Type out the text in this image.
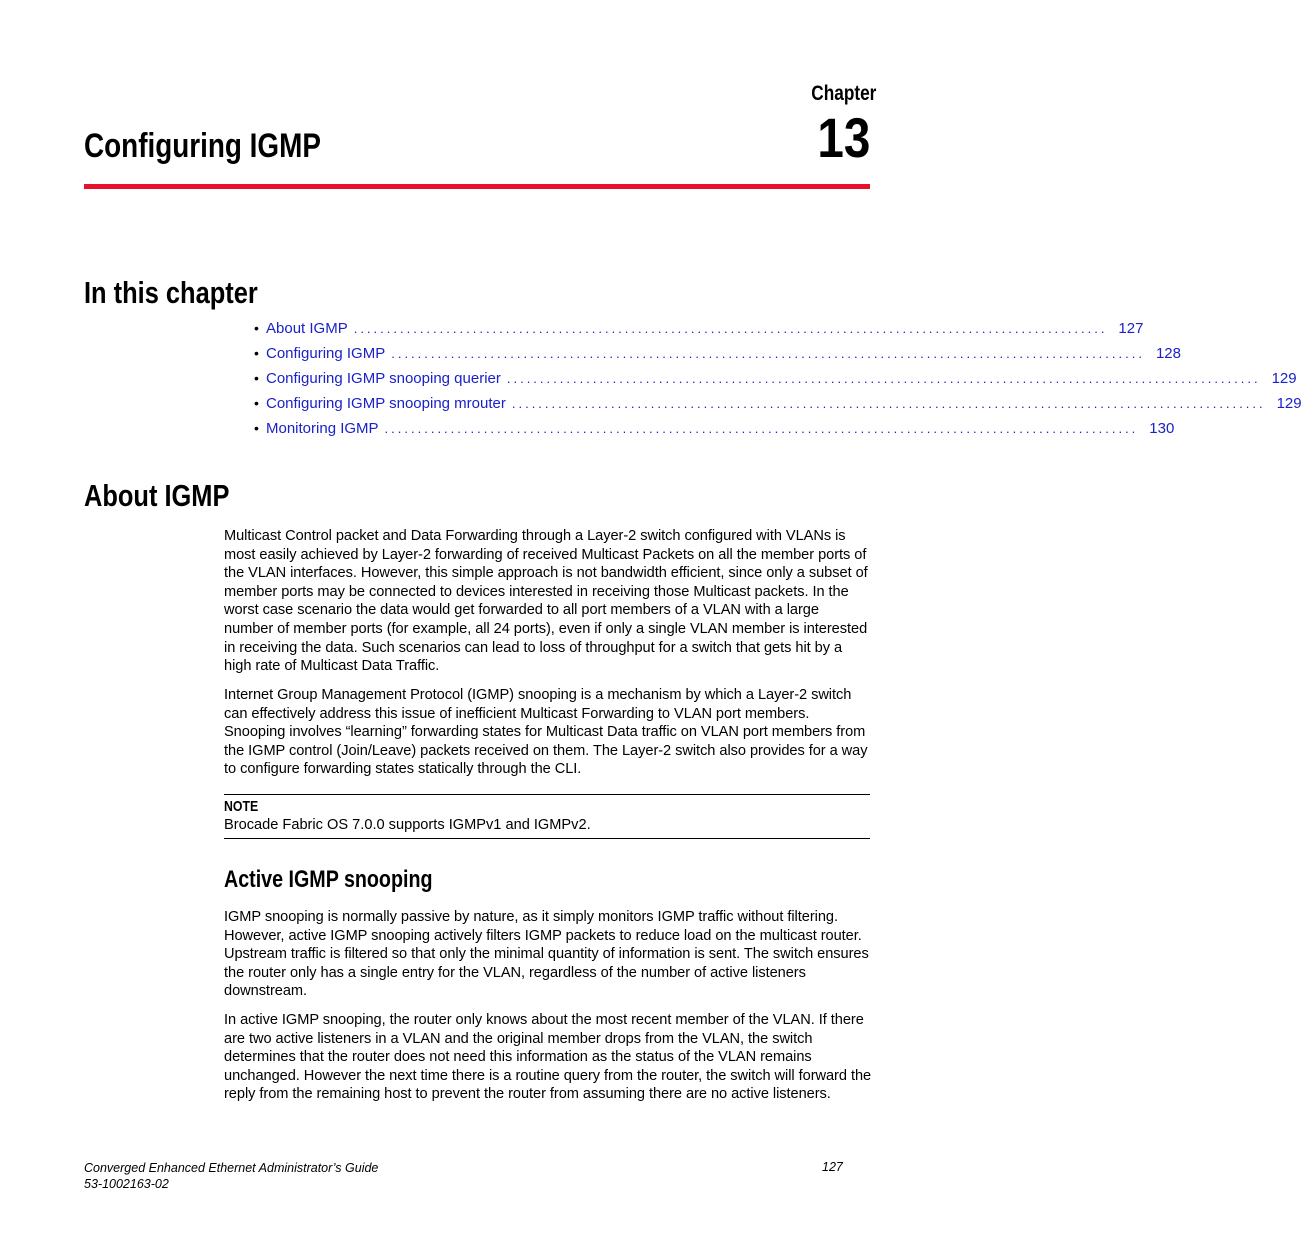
Chapter
13
Configuring IGMP
In this chapter
• About IGMP .................................................................................................................. 127
• Configuring IGMP .................................................................................................................. 128
• Configuring IGMP snooping querier .................................................................................................................. 129
• Configuring IGMP snooping mrouter .................................................................................................................. 129
• Monitoring IGMP .................................................................................................................. 130
About IGMP

Multicast Control packet and Data Forwarding through a Layer-2 switch configured with VLANs is most easily achieved by Layer-2 forwarding of received Multicast Packets on all the member ports of the VLAN interfaces. However, this simple approach is not bandwidth efficient, since only a subset of member ports may be connected to devices interested in receiving those Multicast packets. In the worst case scenario the data would get forwarded to all port members of a VLAN with a large number of member ports (for example, all 24 ports), even if only a single VLAN member is interested in receiving the data. Such scenarios can lead to loss of throughput for a switch that gets hit by a high rate of Multicast Data Traffic.

Internet Group Management Protocol (IGMP) snooping is a mechanism by which a Layer-2 switch can effectively address this issue of inefficient Multicast Forwarding to VLAN port members. Snooping involves “learning” forwarding states for Multicast Data traffic on VLAN port members from the IGMP control (Join/Leave) packets received on them. The Layer-2 switch also provides for a way to configure forwarding states statically through the CLI.

NOTE
Brocade Fabric OS 7.0.0 supports IGMPv1 and IGMPv2.
Active IGMP snooping

IGMP snooping is normally passive by nature, as it simply monitors IGMP traffic without filtering. However, active IGMP snooping actively filters IGMP packets to reduce load on the multicast router. Upstream traffic is filtered so that only the minimal quantity of information is sent. The switch ensures the router only has a single entry for the VLAN, regardless of the number of active listeners downstream.

In active IGMP snooping, the router only knows about the most recent member of the VLAN. If there are two active listeners in a VLAN and the original member drops from the VLAN, the switch determines that the router does not need this information as the status of the VLAN remains unchanged. However the next time there is a routine query from the router, the switch will forward the reply from the remaining host to prevent the router from assuming there are no active listeners.

Converged Enhanced Ethernet Administrator’s Guide
53-1002163-02
127
